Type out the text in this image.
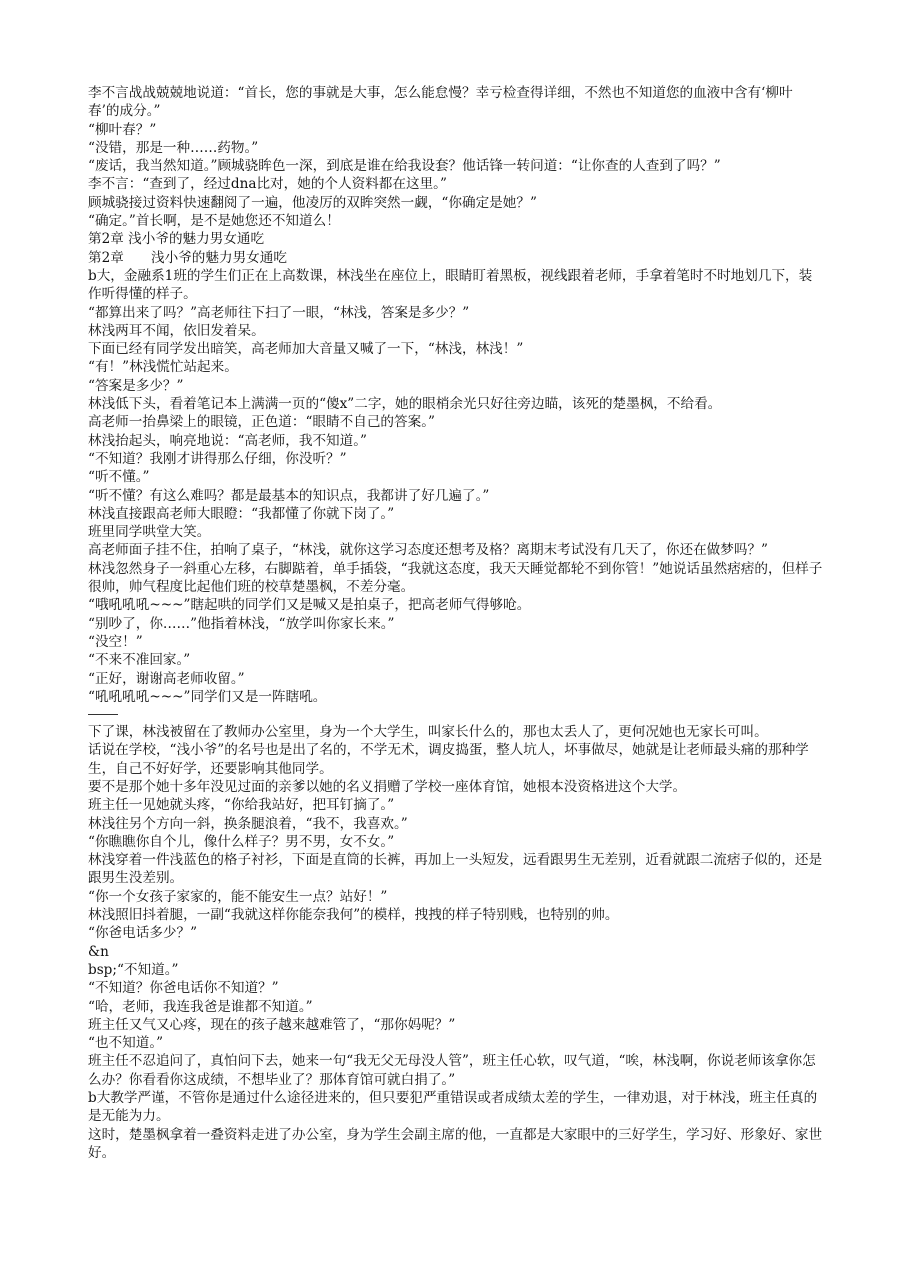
李不言战战兢兢地说道：“首长，您的事就是大事，怎么能怠慢？幸亏检查得详细，不然也不知道您的血液中含有‘柳叶春’的成分。”

“柳叶春？”

“没错，那是一种……药物。”

“废话，我当然知道。”顾城骁眸色一深，到底是谁在给我设套？他话锋一转问道：“让你查的人查到了吗？”

李不言：“查到了，经过dna比对，她的个人资料都在这里。”

顾城骁接过资料快速翻阅了一遍，他凌厉的双眸突然一觑，“你确定是她？”

“确定。”首长啊，是不是她您还不知道么！

第2章 浅小爷的魅力男女通吃

第2章　　浅小爷的魅力男女通吃

b大，金融系1班的学生们正在上高数课，林浅坐在座位上，眼睛盯着黑板，视线跟着老师，手拿着笔时不时地划几下，装作听得懂的样子。

“都算出来了吗？”高老师往下扫了一眼，“林浅，答案是多少？”

林浅两耳不闻，依旧发着呆。

下面已经有同学发出暗笑，高老师加大音量又喊了一下，“林浅，林浅！”

“有！”林浅慌忙站起来。

“答案是多少？”

林浅低下头，看着笔记本上满满一页的“傻x”二字，她的眼梢余光只好往旁边瞄，该死的楚墨枫，不给看。

高老师一抬鼻梁上的眼镜，正色道：“眼睛不自己的答案。”

林浅抬起头，响亮地说：“高老师，我不知道。”

“不知道？我刚才讲得那么仔细，你没听？”

“听不懂。”

“听不懂？有这么难吗？都是最基本的知识点，我都讲了好几遍了。”

林浅直接跟高老师大眼瞪：“我都懂了你就下岗了。”

班里同学哄堂大笑。

高老师面子挂不住，拍响了桌子，“林浅，就你这学习态度还想考及格？离期末考试没有几天了，你还在做梦吗？”

林浅忽然身子一斜重心左移，右脚踮着，单手插袋，“我就这态度，我天天睡觉都轮不到你管！”她说话虽然痞痞的，但样子很帅，帅气程度比起他们班的校草楚墨枫，不差分毫。

“哦吼吼吼~~~”瞎起哄的同学们又是喊又是拍桌子，把高老师气得够呛。

“别吵了，你……”他指着林浅，“放学叫你家长来。”

“没空！”

“不来不准回家。”

“正好，谢谢高老师收留。”

“吼吼吼吼~~~”同学们又是一阵瞎吼。

下了课，林浅被留在了教师办公室里，身为一个大学生，叫家长什么的，那也太丢人了，更何况她也无家长可叫。

话说在学校，“浅小爷”的名号也是出了名的，不学无术，调皮捣蛋，整人坑人，坏事做尽，她就是让老师最头痛的那种学生，自己不好好学，还要影响其他同学。

要不是那个她十多年没见过面的亲爹以她的名义捐赠了学校一座体育馆，她根本没资格进这个大学。

班主任一见她就头疼，“你给我站好，把耳钉摘了。”

林浅往另个方向一斜，换条腿浪着，“我不，我喜欢。”

“你瞧瞧你自个儿，像什么样子？男不男，女不女。”

林浅穿着一件浅蓝色的格子衬衫，下面是直筒的长裤，再加上一头短发，远看跟男生无差别，近看就跟二流痞子似的，还是跟男生没差别。

“你一个女孩子家家的，能不能安生一点？站好！”

林浅照旧抖着腿，一副“我就这样你能奈我何”的模样，拽拽的样子特别贱，也特别的帅。

“你爸电话多少？”

&n

bsp;“不知道。”

“不知道？你爸电话你不知道？”

“哈，老师，我连我爸是谁都不知道。”

班主任又气又心疼，现在的孩子越来越难管了，“那你妈呢？”

“也不知道。”

班主任不忍追问了，真怕问下去，她来一句“我无父无母没人管”，班主任心软，叹气道，“唉，林浅啊，你说老师该拿你怎么办？你看看你这成绩，不想毕业了？那体育馆可就白捐了。”

b大教学严谨，不管你是通过什么途径进来的，但只要犯严重错误或者成绩太差的学生，一律劝退，对于林浅，班主任真的是无能为力。

这时，楚墨枫拿着一叠资料走进了办公室，身为学生会副主席的他，一直都是大家眼中的三好学生，学习好、形象好、家世好。
